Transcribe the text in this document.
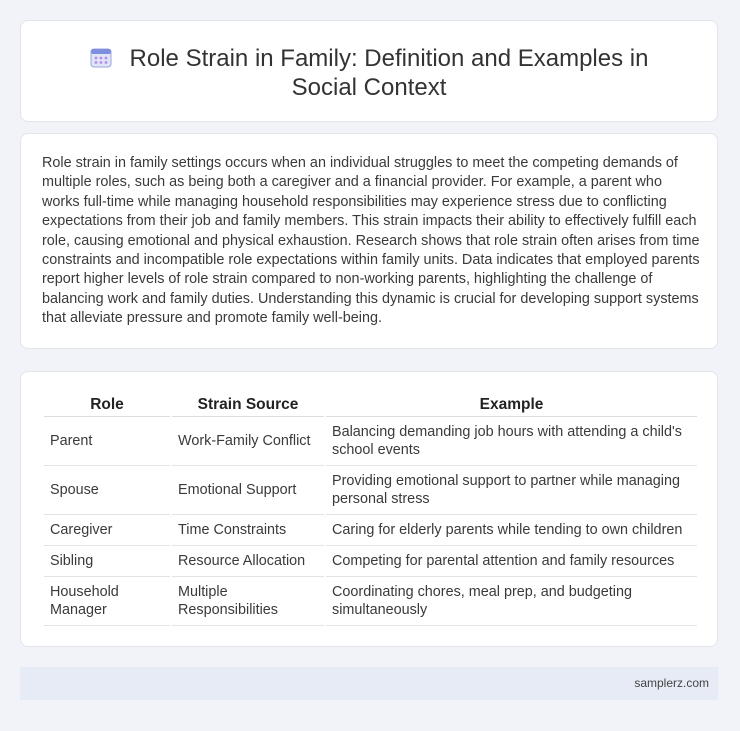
Role Strain in Family: Definition and Examples in Social Context

Role strain in family settings occurs when an individual struggles to meet the competing demands of multiple roles, such as being both a caregiver and a financial provider. For example, a parent who works full-time while managing household responsibilities may experience stress due to conflicting expectations from their job and family members. This strain impacts their ability to effectively fulfill each role, causing emotional and physical exhaustion. Research shows that role strain often arises from time constraints and incompatible role expectations within family units. Data indicates that employed parents report higher levels of role strain compared to non-working parents, highlighting the challenge of balancing work and family duties. Understanding this dynamic is crucial for developing support systems that alleviate pressure and promote family well-being.

Role	Strain Source	Example
Parent	Work-Family Conflict	Balancing demanding job hours with attending a child's school events
Spouse	Emotional Support	Providing emotional support to partner while managing personal stress
Caregiver	Time Constraints	Caring for elderly parents while tending to own children
Sibling	Resource Allocation	Competing for parental attention and family resources
Household Manager	Multiple Responsibilities	Coordinating chores, meal prep, and budgeting simultaneously
samplerz.com
